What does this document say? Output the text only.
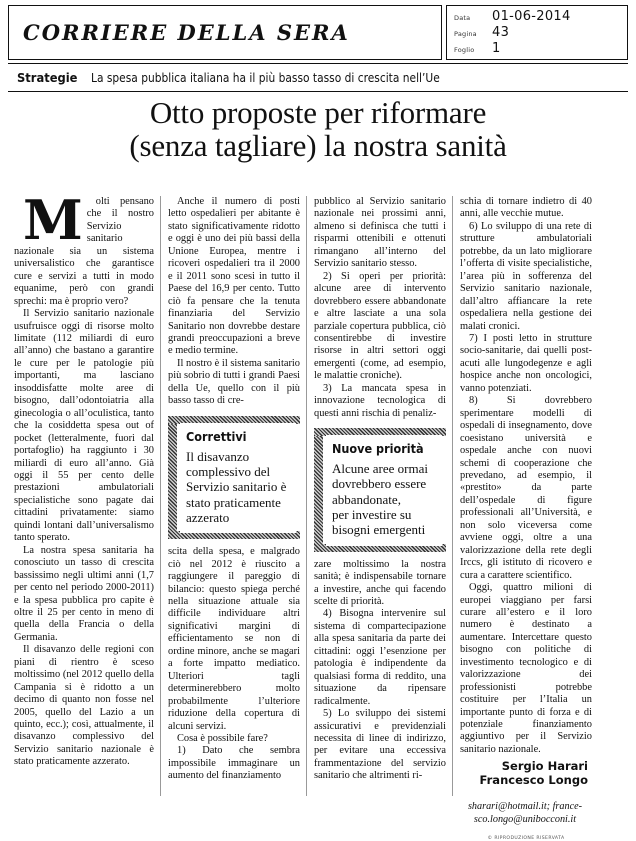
CORRIERE DELLA SERA
Data	01-06-2014
Pagina	43
Foglio	1
Strategie La spesa pubblica italiana ha il più basso tasso di crescita nell’Ue
Otto proposte per riformare
(senza tagliare) la nostra sanità

M	olti pensano che il nostro Servizio sanitario nazionale sia un sistema universalistico che garantisce cure e servizi a tutti in modo equanime, però con grandi sprechi: ma è proprio vero?

Il Servizio sanitario nazionale usufruisce oggi di risorse molto limitate (112 miliardi di euro all’anno) che bastano a garantire le cure per le patologie più importanti, ma lasciano insoddisfatte molte aree di bisogno, dall’odontoiatria alla ginecologia o all’oculistica, tanto che la cosiddetta spesa out of pocket (letteralmente, fuori dal portafoglio) ha raggiunto i 30 miliardi di euro all’anno. Già oggi il 55 per cento delle prestazioni ambulatoriali specialistiche sono pagate dai cittadini privatamente: siamo quindi lontani dall’universalismo tanto sperato.

La nostra spesa sanitaria ha conosciuto un tasso di crescita bassissimo negli ultimi anni (1,7 per cento nel periodo 2000-2011) e la spesa pubblica pro capite è oltre il 25 per cento in meno di quella della Francia o della Germania.

Il disavanzo delle regioni con piani di rientro è sceso moltissimo (nel 2012 quello della Campania si è ridotto a un decimo di quanto non fosse nel 2005, quello del Lazio a un quinto, ecc.); così, attualmente, il disavanzo complessivo del Servizio sanitario nazionale è stato praticamente azzerato.

Anche il numero di posti letto ospedalieri per abitante è stato significativamente ridotto e oggi è uno dei più bassi della Unione Europea, mentre i ricoveri ospedalieri tra il 2000 e il 2011 sono scesi in tutto il Paese del 16,9 per cento. Tutto ciò fa pensare che la tenuta finanziaria del Servizio Sanitario non dovrebbe destare grandi preoccupazioni a breve e medio termine.

Il nostro è il sistema sanitario più sobrio di tutti i grandi Paesi della Ue, quello con il più basso tasso di cre-

Correttivi
Il disavanzo
complessivo del
Servizio sanitario è
stato praticamente
azzerato

scita della spesa, e malgrado ciò nel 2012 è riuscito a raggiungere il pareggio di bilancio: questo spiega perché nella situazione attuale sia difficile individuare altri significativi margini di efficientamento se non di ordine minore, anche se magari a forte impatto mediatico. Ulteriori tagli determinerebbero molto probabilmente l’ulteriore riduzione della copertura di alcuni servizi.

Cosa è possibile fare?

1) Dato che sembra impossibile immaginare un aumento del finanziamento

pubblico al Servizio sanitario nazionale nei prossimi anni, almeno si definisca che tutti i risparmi ottenibili e ottenuti rimangano all’interno del Servizio sanitario stesso.

2) Si operi per priorità: alcune aree di intervento dovrebbero essere abbandonate e altre lasciate a una sola parziale copertura pubblica, ciò consentirebbe di investire risorse in altri settori oggi emergenti (come, ad esempio, le malattie croniche).

3) La mancata spesa in innovazione tecnologica di questi anni rischia di penaliz-

Nuove priorità
Alcune aree ormai
dovrebbero essere
abbandonate,
per investire su
bisogni emergenti

zare moltissimo la nostra sanità; è indispensabile tornare a investire, anche qui facendo scelte di priorità.

4) Bisogna intervenire sul sistema di compartecipazione alla spesa sanitaria da parte dei cittadini: oggi l’esenzione per patologia è indipendente da qualsiasi forma di reddito, una situazione da ripensare radicalmente.

5) Lo sviluppo dei sistemi assicurativi e previdenziali necessita di linee di indirizzo, per evitare una eccessiva frammentazione del servizio sanitario che altrimenti ri-

schia di tornare indietro di 40 anni, alle vecchie mutue.

6) Lo sviluppo di una rete di strutture ambulatoriali potrebbe, da un lato migliorare l’offerta di visite specialistiche, l’area più in sofferenza del Servizio sanitario nazionale, dall’altro affiancare la rete ospedaliera nella gestione dei malati cronici.

7) I posti letto in strutture socio-sanitarie, dai quelli post-acuti alle lungodegenze e agli hospice anche non oncologici, vanno potenziati.

8) Si dovrebbero sperimentare modelli di ospedali di insegnamento, dove coesistano università e ospedale anche con nuovi schemi di cooperazione che prevedano, ad esempio, il «prestito» da parte dell’ospedale di figure professionali all’Università, e non solo viceversa come avviene oggi, oltre a una valorizzazione della rete degli Irccs, gli istituto di ricovero e cura a carattere scientifico.

Oggi, quattro milioni di europei viaggiano per farsi curare all’estero e il loro numero è destinato a aumentare. Intercettare questo bisogno con politiche di investimento tecnologico e di valorizzazione dei professionisti potrebbe costituire per l’Italia un importante punto di forza e di potenziale finanziamento aggiuntivo per il Servizio sanitario nazionale.

Sergio Harari
Francesco Longo
sharari@hotmail.it; france-
sco.longo@unibocconi.it
© RIPRODUZIONE RISERVATA
